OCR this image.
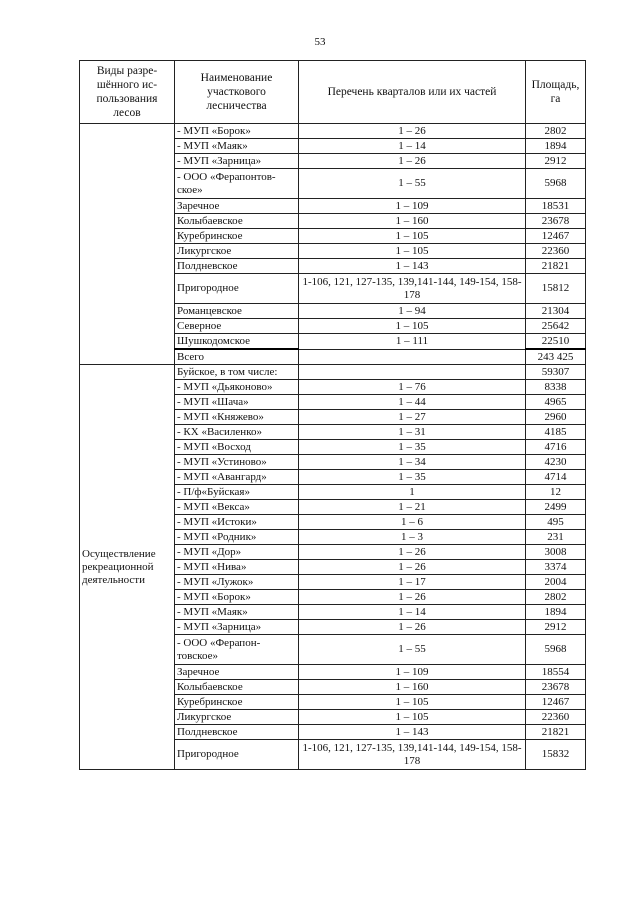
53
Виды разре-шённого ис-пользования лесов	Наименование участкового лесничества	Перечень кварталов или их частей	Площадь, га
	- МУП «Борок»	1 – 26	2802
	- МУП «Маяк»	1 – 14	1894
	- МУП «Зарница»	1 – 26	2912
	- ООО «Ферапонтов-ское»	1 – 55	5968
	Заречное	1 – 109	18531
	Колыбаевское	1 – 160	23678
	Куребринское	1 – 105	12467
	Ликургское	1 – 105	22360
	Полдневское	1 – 143	21821
	Пригородное	1-106, 121, 127-135, 139,141-144, 149-154, 158-178	15812
	Романцевское	1 – 94	21304
	Северное	1 – 105	25642
	Шушкодомское	1 – 111	22510
	Всего		243 425
Осуществление рекреационной деятельности	Буйское, в том числе:		59307
	- МУП «Дьяконово»	1 – 76	8338
	- МУП «Шача»	1 – 44	4965
	- МУП «Княжево»	1 – 27	2960
	- КХ «Василенко»	1 – 31	4185
	- МУП «Восход	1 – 35	4716
	- МУП «Устиново»	1 – 34	4230
	- МУП «Авангард»	1 – 35	4714
	- П/ф«Буйская»	1	12
	- МУП «Векса»	1 – 21	2499
	- МУП «Истоки»	1 – 6	495
	- МУП «Родник»	1 – 3	231
	- МУП «Дор»	1 – 26	3008
	- МУП «Нива»	1 – 26	3374
	- МУП «Лужок»	1 – 17	2004
	- МУП «Борок»	1 – 26	2802
	- МУП «Маяк»	1 – 14	1894
	- МУП «Зарница»	1 – 26	2912
	- ООО «Ферапон-товское»	1 – 55	5968
	Заречное	1 – 109	18554
	Колыбаевское	1 – 160	23678
	Куребринское	1 – 105	12467
	Ликургское	1 – 105	22360
	Полдневское	1 – 143	21821
	Пригородное	1-106, 121, 127-135, 139,141-144, 149-154, 158-178	15832
